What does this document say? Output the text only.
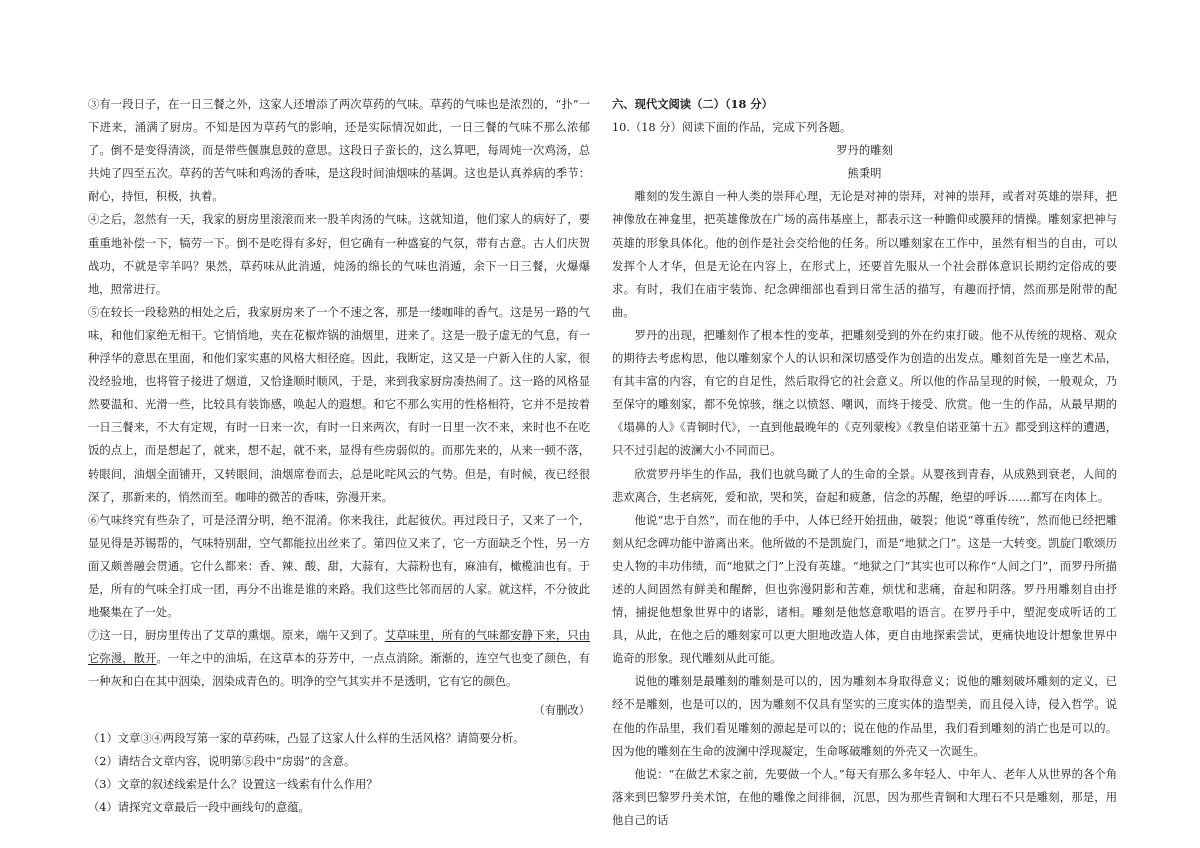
③有一段日子，在一日三餐之外，这家人还增添了两次草药的气味。草药的气味也是浓烈的，“扑”一下进来，涌满了厨房。不知是因为草药气的影响，还是实际情况如此，一日三餐的气味不那么浓郁了。倒不是变得清淡，而是带些偃旗息鼓的意思。这段日子蛮长的，这么算吧，每周炖一次鸡汤，总共炖了四至五次。草药的苦气味和鸡汤的香味，是这段时间油烟味的基调。这也是认真养病的季节：耐心，持恒，积极，执着。

④之后，忽然有一天，我家的厨房里滚滚而来一股羊肉汤的气味。这就知道，他们家人的病好了，要重重地补偿一下，犒劳一下。倒不是吃得有多好，但它确有一种盛宴的气氛，带有古意。古人们庆贺战功，不就是宰羊吗？果然，草药味从此消遁，炖汤的绵长的气味也消遁，余下一日三餐，火爆爆地，照常进行。

⑤在较长一段稔熟的相处之后，我家厨房来了一个不速之客，那是一缕咖啡的香气。这是另一路的气味，和他们家绝无相干。它悄悄地，夹在花椒炸锅的油烟里，进来了。这是一股子虚无的气息，有一种浮华的意思在里面，和他们家实惠的风格大相径庭。因此，我断定，这又是一户新入住的人家，很没经验地，也将管子接进了烟道，又恰逢顺时顺风，于是，来到我家厨房凑热闹了。这一路的风格显然要温和、光滑一些，比较具有装饰感，唤起人的遐想。和它不那么实用的性格相符，它并不是按着一日三餐来，不大有定规，有时一日来一次，有时一日来两次，有时一日里一次不来，来时也不在吃饭的点上，而是想起了，就来，想不起，就不来，显得有些房弱似的。而那先来的，从来一顿不落，转眼间，油烟全面铺开，又转眼间，油烟席卷而去，总是叱咤风云的气势。但是，有时候，夜已经很深了，那新来的，悄然而至。咖啡的微苦的香味，弥漫开来。

⑥气味终究有些杂了，可是泾渭分明，绝不混淆。你来我往，此起彼伏。再过段日子，又来了一个，显见得是苏锡帮的，气味特别甜，空气都能拉出丝来了。第四位又来了，它一方面缺乏个性，另一方面又颇善融会贯通。它什么都来：香、辣、酸、甜，大蒜有，大蒜粉也有，麻油有，橄榄油也有。于是，所有的气味全打成一团，再分不出谁是谁的来路。我们这些比邻而居的人家。就这样，不分彼此地聚集在了一处。

⑦这一日，厨房里传出了艾草的熏烟。原来，端午又到了。艾草味里，所有的气味都安静下来，只由它弥漫，散开。一年之中的油垢，在这草本的芬芳中，一点点消除。渐渐的，连空气也变了颜色，有一种灰和白在其中洇染，洇染成青色的。明净的空气其实并不是透明，它有它的颜色。

（有删改）

（1）文章③④两段写第一家的草药味，凸显了这家人什么样的生活风格？请简要分析。

（2）请结合文章内容，说明第⑤段中“房弱”的含意。

（3）文章的叙述线索是什么？设置这一线索有什么作用？

（4）请探究文章最后一段中画线句的意蕴。

六、现代文阅读（二）（18 分）

10.（18 分）阅读下面的作品，完成下列各题。

罗丹的雕刻

熊秉明

雕刻的发生源自一种人类的崇拜心理，无论是对神的崇拜，对神的崇拜，或者对英雄的崇拜，把神像放在神龛里，把英雄像放在广场的高伟基座上，都表示这一种瞻仰或膜拜的情操。雕刻家把神与英雄的形象具体化。他的创作是社会交给他的任务。所以雕刻家在工作中，虽然有相当的自由，可以发挥个人才华，但是无论在内容上，在形式上，还要首先服从一个社会群体意识长期约定俗成的要求。有时，我们在庙宇装饰、纪念碑细部也看到日常生活的描写，有趣而抒情，然而那是附带的配曲。

罗丹的出现，把雕刻作了根本性的变革，把雕刻受到的外在约束打破。他不从传统的规格、观众的期待去考虑构思，他以雕刻家个人的认识和深切感受作为创造的出发点。雕刻首先是一座艺术品，有其丰富的内容，有它的自足性，然后取得它的社会意义。所以他的作品呈现的时候，一般观众，乃至保守的雕刻家，都不免惊骇，继之以愤怒、嘲讽，而终于接受、欣赏。他一生的作品，从最早期的《塌鼻的人》《青铜时代》，一直到他最晚年的《克列蒙梭》《教皇伯诺亚第十五》都受到这样的遭遇，只不过引起的波澜大小不同而已。

欣赏罗丹毕生的作品，我们也就鸟瞰了人的生命的全景。从婴孩到青春，从成熟到衰老，人间的悲欢离合，生老病死，爱和欲，哭和笑，奋起和疲惫，信念的苏醒，绝望的呼诉……都写在肉体上。

他说“忠于自然”，而在他的手中，人体已经开始扭曲，破裂；他说“尊重传统”，然而他已经把雕刻从纪念碑功能中游离出来。他所做的不是凯旋门，而是“地狱之门”。这是一大转变。凯旋门歌颂历史人物的丰功伟绩，而“地狱之门”上没有英雄。“地狱之门”其实也可以称作“人间之门”，而罗丹所描述的人间固然有鲜美和醒醉，但也弥漫阴影和苦难，烦忧和悲痛，奋起和阴落。罗丹用雕刻自由抒情，捕捉他想象世界中的诸影，诸相。雕刻是他悠意歌唱的语言。在罗丹手中，塑泥变成听话的工具，从此，在他之后的雕刻家可以更大胆地改造人体，更自由地探索尝试，更痛快地设计想象世界中诡奇的形象。现代雕刻从此可能。

说他的雕刻是最雕刻的雕刻是可以的，因为雕刻本身取得意义；说他的雕刻破坏雕刻的定义，已经不是雕刻，也是可以的，因为雕刻不仅具有坚实的三度实体的造型美，而且侵入诗，侵入哲学。说在他的作品里，我们看见雕刻的源起是可以的；说在他的作品里，我们看到雕刻的消亡也是可以的。因为他的雕刻在生命的波澜中浮现凝定，生命啄破雕刻的外壳又一次诞生。

他说：“在做艺术家之前，先要做一个人。”每天有那么多年轻人、中年人、老年人从世界的各个角落来到巴黎罗丹美术馆，在他的雕像之间徘徊，沉思，因为那些青铜和大理石不只是雕刻，那是，用他自己的话
